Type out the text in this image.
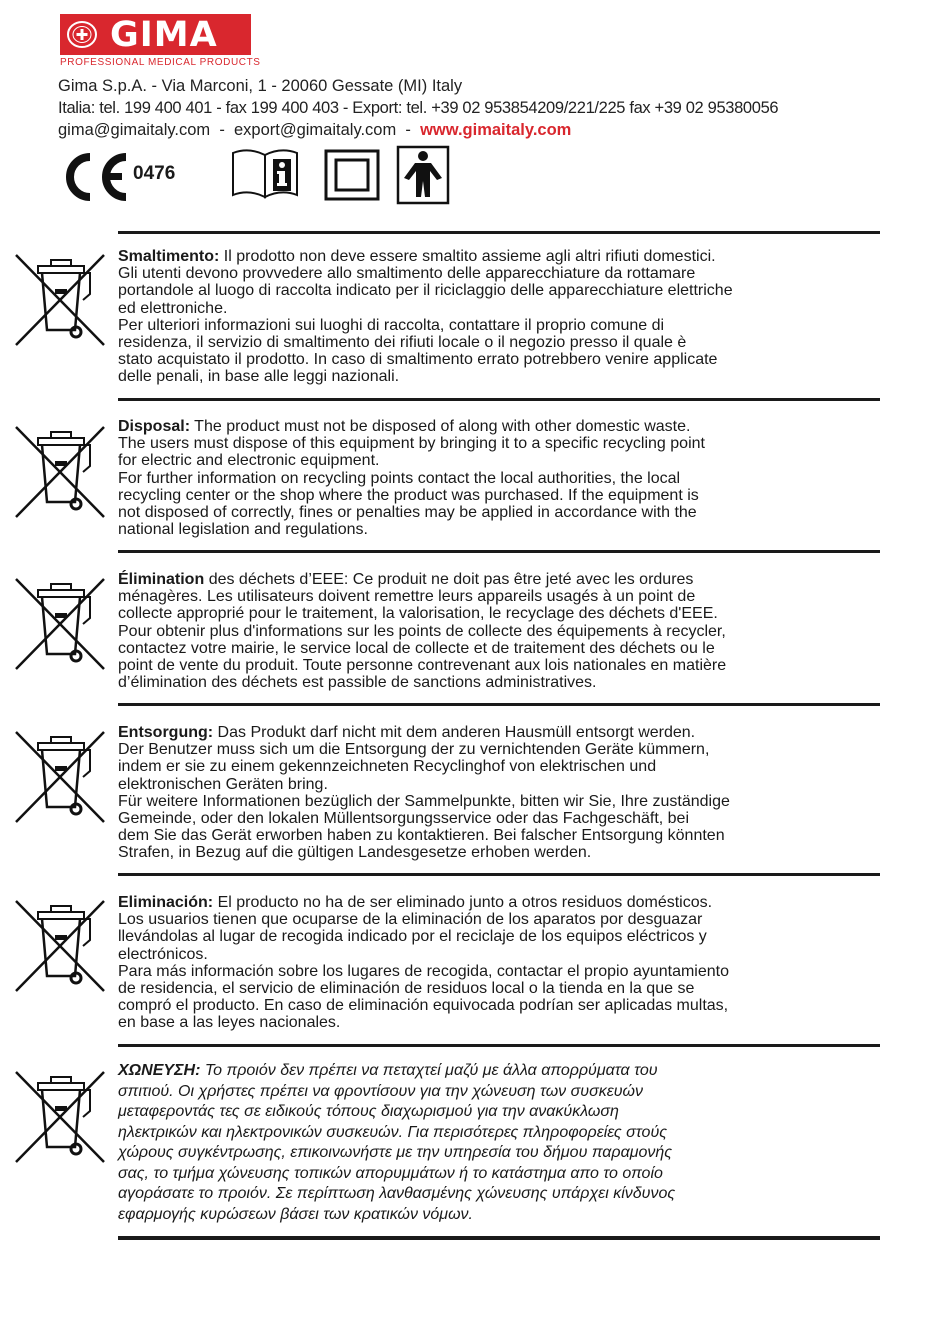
GIMA
PROFESSIONAL MEDICAL PRODUCTS
Gima S.p.A. - Via Marconi, 1 - 20060 Gessate (MI) Italy
Italia: tel. 199 400 401 - fax 199 400 403 - Export: tel. +39 02 953854209/221/225 fax +39 02 95380056
gima@gimaitaly.com  -  export@gimaitaly.com  -  www.gimaitaly.com
0476
Smaltimento: Il prodotto non deve essere smaltito assieme agli altri rifiuti domestici.
Gli utenti devono provvedere allo smaltimento delle apparecchiature da rottamare
portandole al luogo di raccolta indicato per il riciclaggio delle apparecchiature elettriche
ed elettroniche.
Per ulteriori informazioni sui luoghi di raccolta, contattare il proprio comune di
residenza, il servizio di smaltimento dei rifiuti locale o il negozio presso il quale è
stato acquistato il prodotto. In caso di smaltimento errato potrebbero venire applicate
delle penali, in base alle leggi nazionali.
Disposal: The product must not be disposed of along with other domestic waste.
The users must dispose of this equipment by bringing it to a specific recycling point
for electric and electronic equipment.
For further information on recycling points contact the local authorities, the local
recycling center or the shop where the product was purchased. If the equipment is
not disposed of correctly, fines or penalties may be applied in accordance with the
national legislation and regulations.
Élimination des déchets d’EEE: Ce produit ne doit pas être jeté avec les ordures
ménagères. Les utilisateurs doivent remettre leurs appareils usagés à un point de
collecte approprié pour le traitement, la valorisation, le recyclage des déchets d'EEE.
Pour obtenir plus d'informations sur les points de collecte des équipements à recycler,
contactez votre mairie, le service local de collecte et de traitement des déchets ou le
point de vente du produit. Toute personne contrevenant aux lois nationales en matière
d’élimination des déchets est passible de sanctions administratives.
Entsorgung: Das Produkt darf nicht mit dem anderen Hausmüll entsorgt werden.
Der Benutzer muss sich um die Entsorgung der zu vernichtenden Geräte kümmern,
indem er sie zu einem gekennzeichneten Recyclinghof von elektrischen und
elektronischen Geräten bring.
Für weitere Informationen bezüglich der Sammelpunkte, bitten wir Sie, Ihre zuständige
Gemeinde, oder den lokalen Müllentsorgungsservice oder das Fachgeschäft, bei
dem Sie das Gerät erworben haben zu kontaktieren. Bei falscher Entsorgung könnten
Strafen, in Bezug auf die gültigen Landesgesetze erhoben werden.
Eliminación: El producto no ha de ser eliminado junto a otros residuos domésticos.
Los usuarios tienen que ocuparse de la eliminación de los aparatos por desguazar
llevándolas al lugar de recogida indicado por el reciclaje de los equipos eléctricos y
electrónicos.
Para más información sobre los lugares de recogida, contactar el propio ayuntamiento
de residencia, el servicio de eliminación de residuos local o la tienda en la que se
compró el producto. En caso de eliminación equivocada podrían ser aplicadas multas,
en base a las leyes nacionales.
ΧΩΝΕΥΣΗ: Το προιόν δεν πρέπει να πεταχτεί μαζύ με άλλα απορρύματα του
σπιτιού. Οι χρήστες πρέπει να φροντίσουν για την χώνευση των συσκευών
μεταφεροντάς τες σε ειδικούς τόπους διαχωρισμού για την ανακύκλωση
ηλεκτρικών και ηλεκτρονικών συσκευών. Για περισότερες πληροφορείες στούς
χώρους συγκέντρωσης, επικοινωνήστε με την υπηρεσία του δήμου παραμονής
σας, το τμήμα χώνευσης τοπικών απορυμμάτων ή το κατάστημα απο το οποίο
αγοράσατε το προιόν. Σε περίπτωση λανθασμένης χώνευσης υπάρχει κίνδυνος
εφαρμογής κυρώσεων βάσει των κρατικών νόμων.
